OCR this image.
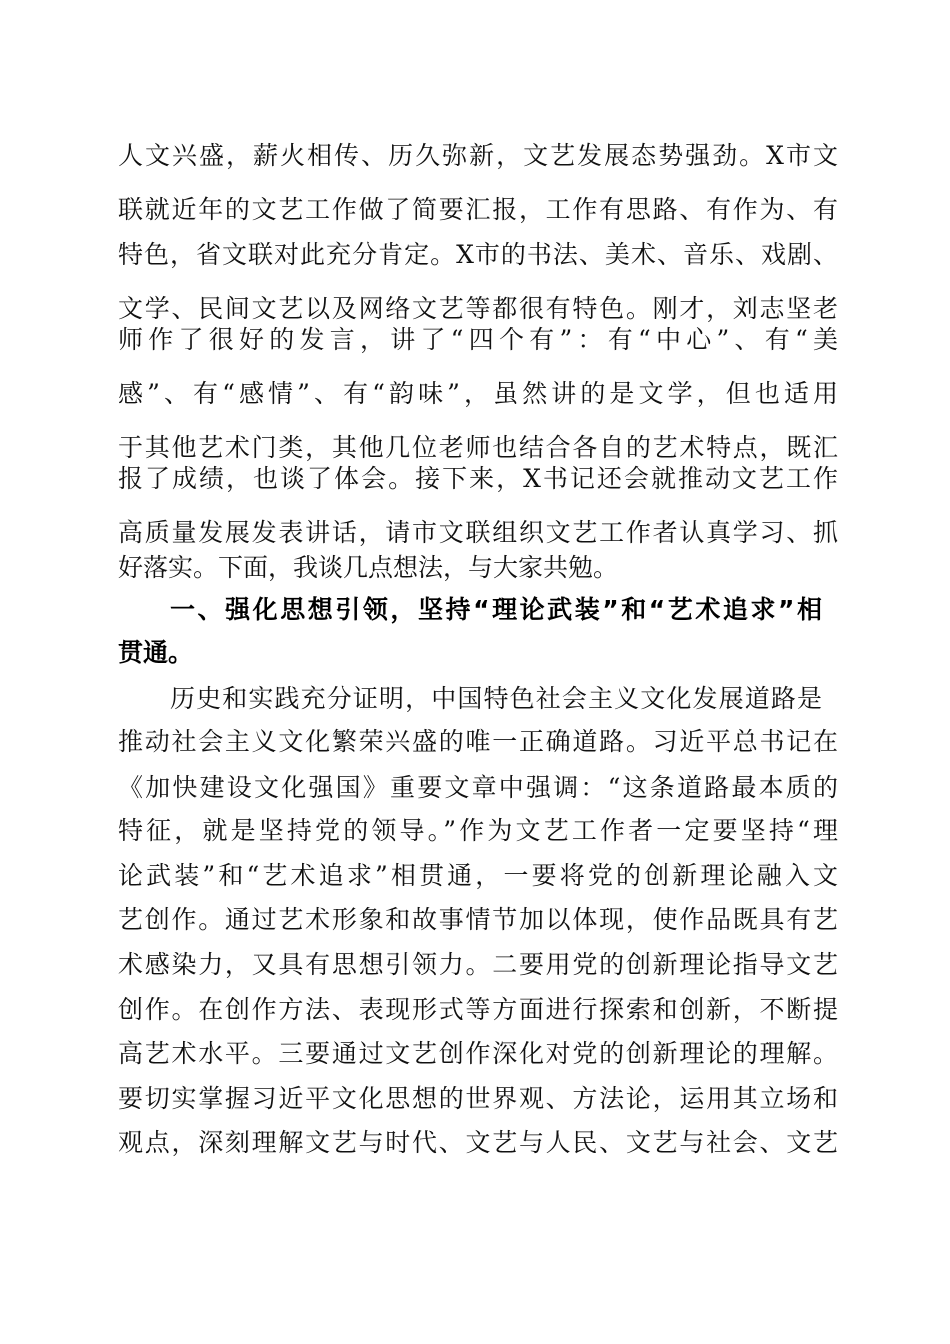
人文兴盛，薪火相传、历久弥新，文艺发展态势强劲。X市文
联就近年的文艺工作做了简要汇报，工作有思路、有作为、有
特色，省文联对此充分肯定。X市的书法、美术、音乐、戏剧、
文学、民间文艺以及网络文艺等都很有特色。刚才，刘志坚老
师作了很好的发言，讲了“四个有”：有“中心”、有“美
感”、有“感情”、有“韵味”，虽然讲的是文学，但也适用
于其他艺术门类，其他几位老师也结合各自的艺术特点，既汇
报了成绩，也谈了体会。接下来，X书记还会就推动文艺工作
高质量发展发表讲话，请市文联组织文艺工作者认真学习、抓
好落实。下面，我谈几点想法，与大家共勉。
一、强化思想引领，坚持“理论武装”和“艺术追求”相
贯通。
历史和实践充分证明，中国特色社会主义文化发展道路是
推动社会主义文化繁荣兴盛的唯一正确道路。习近平总书记在
《加快建设文化强国》重要文章中强调：“这条道路最本质的
特征，就是坚持党的领导。”作为文艺工作者一定要坚持“理
论武装”和“艺术追求”相贯通，一要将党的创新理论融入文
艺创作。通过艺术形象和故事情节加以体现，使作品既具有艺
术感染力，又具有思想引领力。二要用党的创新理论指导文艺
创作。在创作方法、表现形式等方面进行探索和创新，不断提
高艺术水平。三要通过文艺创作深化对党的创新理论的理解。
要切实掌握习近平文化思想的世界观、方法论，运用其立场和
观点，深刻理解文艺与时代、文艺与人民、文艺与社会、文艺
